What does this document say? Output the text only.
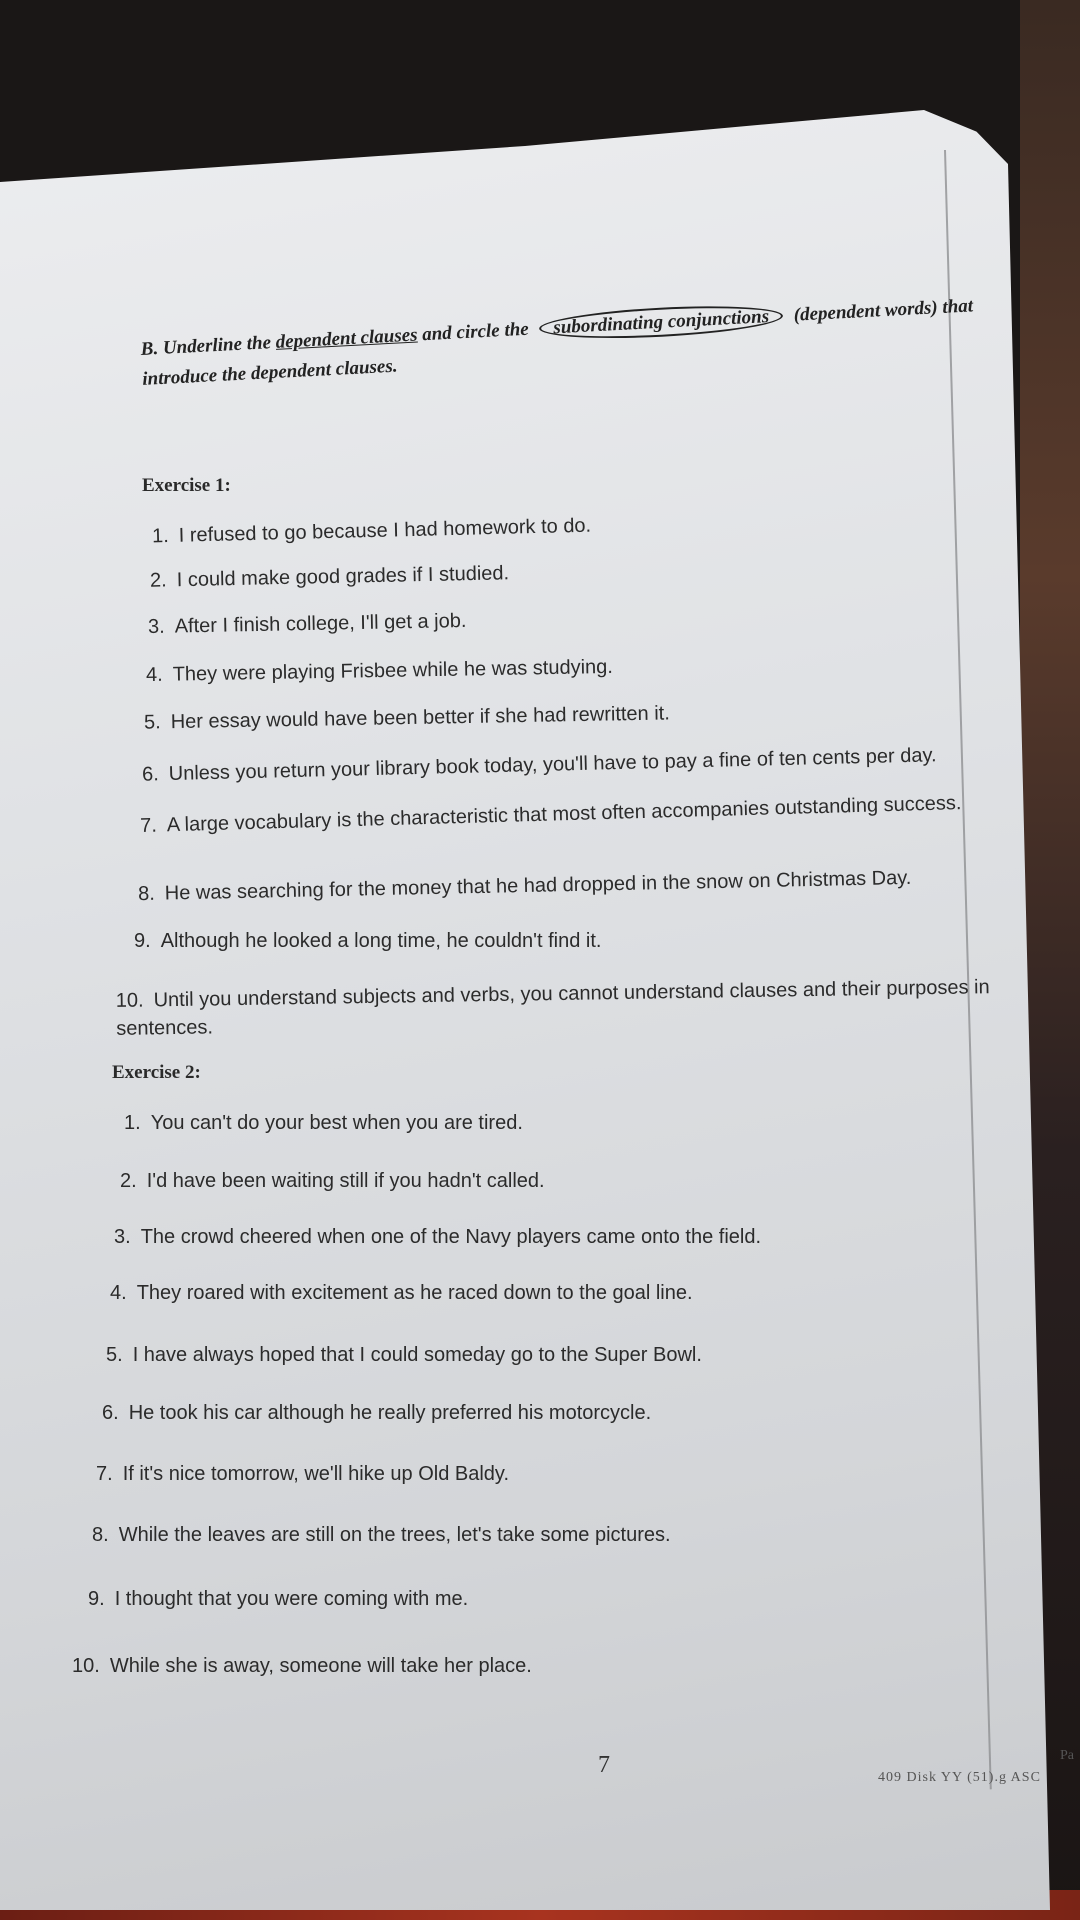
B. Underline the dependent clauses and circle the subordinating conjunctions (dependent words) that introduce the dependent clauses.
Exercise 1:
1. I refused to go because I had homework to do.
2. I could make good grades if I studied.
3. After I finish college, I'll get a job.
4. They were playing Frisbee while he was studying.
5. Her essay would have been better if she had rewritten it.
6. Unless you return your library book today, you'll have to pay a fine of ten cents per day.
7. A large vocabulary is the characteristic that most often accompanies outstanding success.
8. He was searching for the money that he had dropped in the snow on Christmas Day.
9. Although he looked a long time, he couldn't find it.
10. Until you understand subjects and verbs, you cannot understand clauses and their purposes in sentences.
Exercise 2:
1. You can't do your best when you are tired.
2. I'd have been waiting still if you hadn't called.
3. The crowd cheered when one of the Navy players came onto the field.
4. They roared with excitement as he raced down to the goal line.
5. I have always hoped that I could someday go to the Super Bowl.
6. He took his car although he really preferred his motorcycle.
7. If it's nice tomorrow, we'll hike up Old Baldy.
8. While the leaves are still on the trees, let's take some pictures.
9. I thought that you were coming with me.
10. While she is away, someone will take her place.
7	409 Disk YY (51).g ASC
Pa
